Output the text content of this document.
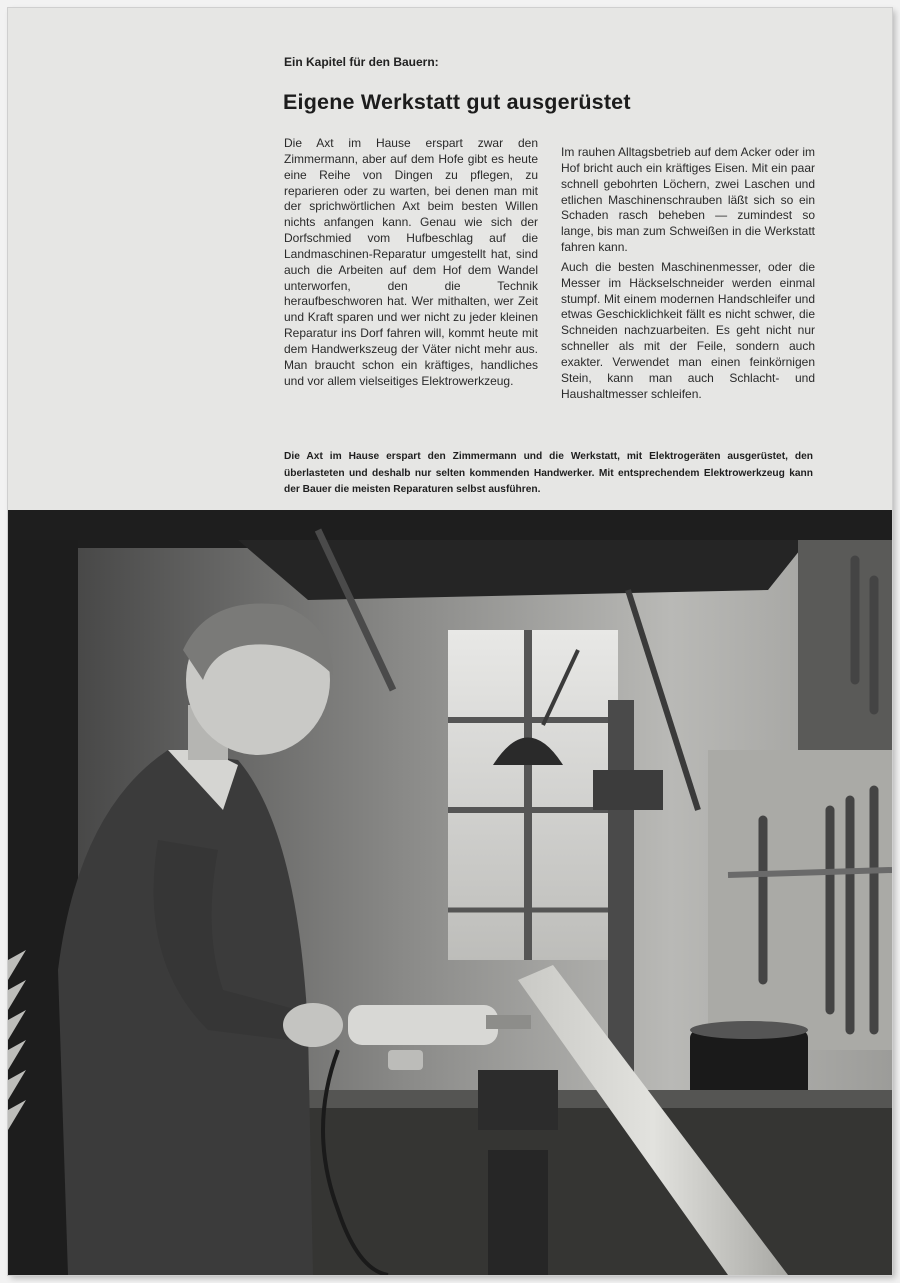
Ein Kapitel für den Bauern:
Eigene Werkstatt gut ausgerüstet

Die Axt im Hause erspart zwar den Zimmermann, aber auf dem Hofe gibt es heute eine Reihe von Dingen zu pflegen, zu reparieren oder zu warten, bei denen man mit der sprichwörtlichen Axt beim besten Willen nichts anfangen kann. Genau wie sich der Dorfschmied vom Hufbeschlag auf die Landmaschinen-Reparatur umgestellt hat, sind auch die Arbeiten auf dem Hof dem Wandel unterworfen, den die Technik heraufbeschworen hat. Wer mithalten, wer Zeit und Kraft sparen und wer nicht zu jeder kleinen Reparatur ins Dorf fahren will, kommt heute mit dem Handwerkszeug der Väter nicht mehr aus. Man braucht schon ein kräftiges, handliches und vor allem vielseitiges Elektrowerkzeug.

Im rauhen Alltagsbetrieb auf dem Acker oder im Hof bricht auch ein kräftiges Eisen. Mit ein paar schnell gebohrten Löchern, zwei Laschen und etlichen Maschinenschrauben läßt sich so ein Schaden rasch beheben — zumindest so lange, bis man zum Schweißen in die Werkstatt fahren kann.

Auch die besten Maschinenmesser, oder die Messer im Häckselschneider werden einmal stumpf. Mit einem modernen Handschleifer und etwas Geschicklichkeit fällt es nicht schwer, die Schneiden nachzuarbeiten. Es geht nicht nur schneller als mit der Feile, sondern auch exakter. Verwendet man einen feinkörnigen Stein, kann man auch Schlacht- und Haushaltmesser schleifen.

Die Axt im Hause erspart den Zimmermann und die Werkstatt, mit Elektrogeräten ausgerüstet, den überlasteten und deshalb nur selten kommenden Handwerker. Mit entsprechendem Elektrowerkzeug kann der Bauer die meisten Reparaturen selbst ausführen.
